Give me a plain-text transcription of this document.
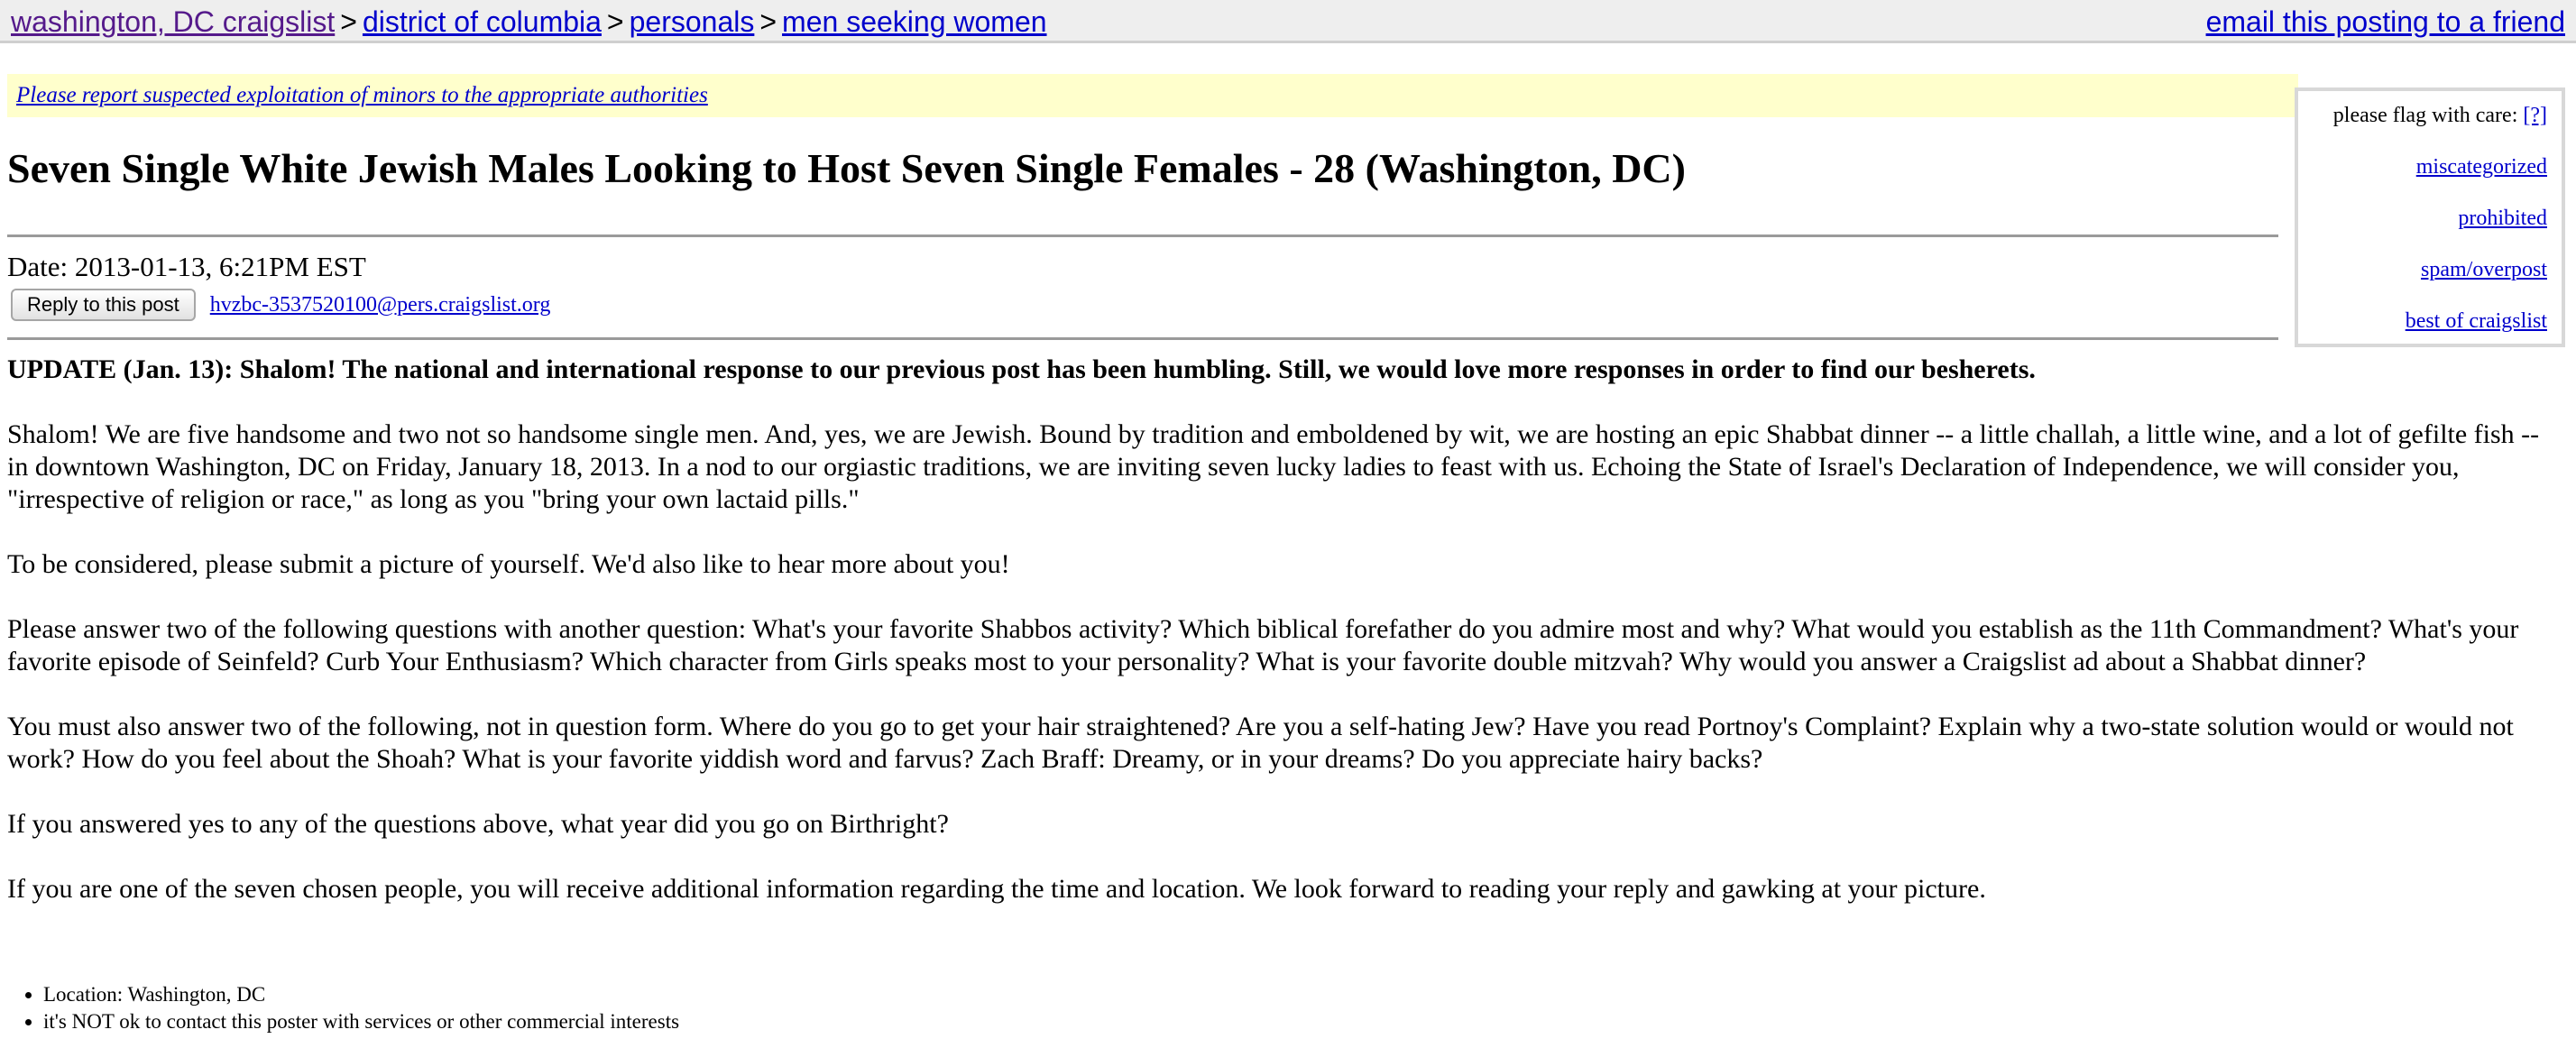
washington, DC craigslist > district of columbia > personals > men seeking women	email this posting to a friend
Please report suspected exploitation of minors to the appropriate authorities
please flag with care: [?]
miscategorized
prohibited
spam/overpost
best of craigslist
Seven Single White Jewish Males Looking to Host Seven Single Females - 28 (Washington, DC)
Date: 2013-01-13, 6:21PM EST
Reply to this post hvzbc-3537520100@pers.craigslist.org

UPDATE (Jan. 13): Shalom! The national and international response to our previous post has been humbling. Still, we would love more responses in order to find our besherets.

Shalom! We are five handsome and two not so handsome single men. And, yes, we are Jewish. Bound by tradition and emboldened by wit, we are hosting an epic Shabbat dinner -- a little challah, a little wine, and a lot of gefilte fish -- in downtown Washington, DC on Friday, January 18, 2013. In a nod to our orgiastic traditions, we are inviting seven lucky ladies to feast with us. Echoing the State of Israel's Declaration of Independence, we will consider you, "irrespective of religion or race," as long as you "bring your own lactaid pills."

To be considered, please submit a picture of yourself. We'd also like to hear more about you!

Please answer two of the following questions with another question: What's your favorite Shabbos activity? Which biblical forefather do you admire most and why? What would you establish as the 11th Commandment? What's your favorite episode of Seinfeld? Curb Your Enthusiasm? Which character from Girls speaks most to your personality? What is your favorite double mitzvah? Why would you answer a Craigslist ad about a Shabbat dinner?

You must also answer two of the following, not in question form. Where do you go to get your hair straightened? Are you a self-hating Jew? Have you read Portnoy's Complaint? Explain why a two-state solution would or would not work? How do you feel about the Shoah? What is your favorite yiddish word and farvus? Zach Braff: Dreamy, or in your dreams? Do you appreciate hairy backs?

If you answered yes to any of the questions above, what year did you go on Birthright?

If you are one of the seven chosen people, you will receive additional information regarding the time and location. We look forward to reading your reply and gawking at your picture.

• Location: Washington, DC
• it's NOT ok to contact this poster with services or other commercial interests
